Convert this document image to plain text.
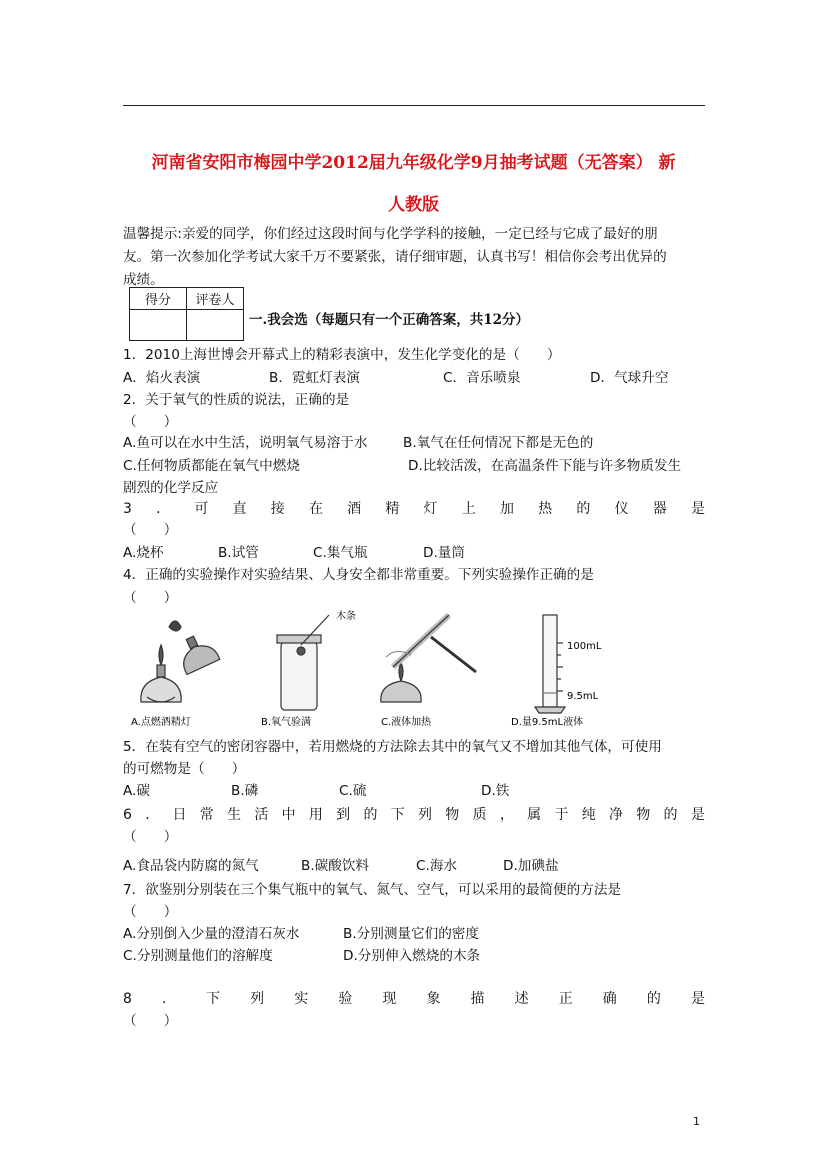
河南省安阳市梅园中学2012届九年级化学9月抽考试题（无答案） 新
人教版
温馨提示:亲爱的同学，你们经过这段时间与化学学科的接触，一定已经与它成了最好的朋
友。第一次参加化学考试大家千万不要紧张，请仔细审题，认真书写！相信你会考出优异的
成绩。
得分	评卷人

一.我会选（每题只有一个正确答案，共12分）
1．2010上海世博会开幕式上的精彩表演中，发生化学变化的是（　　）
A．焰火表演	B．霓虹灯表演	C．音乐喷泉	D．气球升空
2．关于氧气的性质的说法，正确的是
（　　）
A.鱼可以在水中生活，说明氧气易溶于水	B.氧气在任何情况下都是无色的
C.任何物质都能在氧气中燃烧	D.比较活泼，在高温条件下能与许多物质发生
剧烈的化学反应
3 ． 可 直 接 在 酒 精 灯 上 加 热 的 仪 器 是
（　　）
A.烧杯	B.试管	C.集气瓶	D.量筒
4．正确的实验操作对实验结果、人身安全都非常重要。下列实验操作正确的是
（　　）
A.点燃酒精灯
木条
B.氧气验满	C.液体加热
100mL
9.5mL
D.量9.5mL液体
5．在装有空气的密闭容器中，若用燃烧的方法除去其中的氧气又不增加其他气体，可使用
的可燃物是（　　）
A.碳	B.磷	C.硫	D.铁
6 ． 日 常 生 活 中 用 到 的 下 列 物 质 ， 属 于 纯 净 物 的 是
（　　）
A.食品袋内防腐的氮气	B.碳酸饮料	C.海水	D.加碘盐
7．欲鉴别分别装在三个集气瓶中的氧气、氮气、空气，可以采用的最简便的方法是
（　　）
A.分别倒入少量的澄清石灰水	B.分别测量它们的密度
C.分别测量他们的溶解度	D.分别伸入燃烧的木条
8 ． 下 列 实 验 现 象 描 述 正 确 的 是
（　　）
1
